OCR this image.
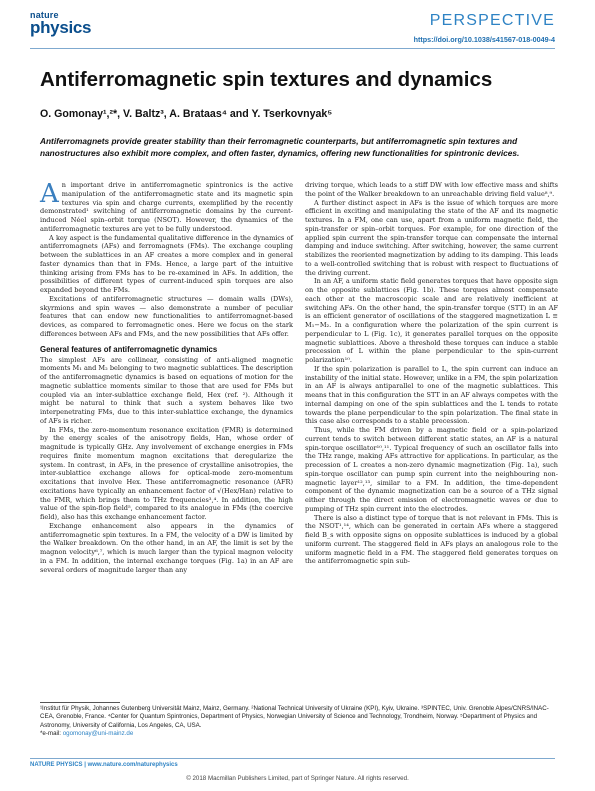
nature
physics	PERSPECTIVE
https://doi.org/10.1038/s41567-018-0049-4
Antiferromagnetic spin textures and dynamics
O. Gomonay¹,²*, V. Baltz³, A. Brataas⁴ and Y. Tserkovnyak⁵
Antiferromagnets provide greater stability than their ferromagnetic counterparts, but antiferromagnetic spin textures and nanostructures also exhibit more complex, and often faster, dynamics, offering new functionalities for spintronic devices.

An important drive in antiferromagnetic spintronics is the active manipulation of the antiferromagnetic state and its magnetic spin textures via spin and charge currents, exemplified by the recently demonstrated¹ switching of antiferromagnetic domains by the current-induced Néel spin–orbit torque (NSOT). However, the dynamics of the antiferromagnetic textures are yet to be fully understood.

A key aspect is the fundamental qualitative difference in the dynamics of antiferromagnets (AFs) and ferromagnets (FMs). The exchange coupling between the sublattices in an AF creates a more complex and in general faster dynamics than that in FMs. Hence, a large part of the intuitive thinking arising from FMs has to be re-examined in AFs. In addition, the possibilities of different types of current-induced spin torques are also expanded beyond the FMs.

Excitations of antiferromagnetic structures — domain walls (DWs), skyrmions and spin waves — also demonstrate a number of peculiar features that can endow new functionalities to antiferromagnet-based devices, as compared to ferromagnetic ones. Here we focus on the stark differences between AFs and FMs, and the new possibilities that AFs offer.

General features of antiferromagnetic dynamics

The simplest AFs are collinear, consisting of anti-aligned magnetic moments M₁ and M₂ belonging to two magnetic sublattices. The description of the antiferromagnetic dynamics is based on equations of motion for the magnetic sublattice moments similar to those that are used for FMs but coupled via an inter-sublattice exchange field, Hex (ref. ²). Although it might be natural to think that such a system behaves like two interpenetrating FMs, due to this inter-sublattice exchange, the dynamics of AFs is richer.

In FMs, the zero-momentum resonance excitation (FMR) is determined by the energy scales of the anisotropy fields, Han, whose order of magnitude is typically GHz. Any involvement of exchange energies in FMs requires finite momentum magnon excitations that deregularize the system. In contrast, in AFs, in the presence of crystalline anisotropies, the inter-sublattice exchange allows for optical-mode zero-momentum excitations that involve Hex. These antiferromagnetic resonance (AFR) excitations have typically an enhancement factor of √(Hex/Han) relative to the FMR, which brings them to THz frequencies³,⁴. In addition, the high value of the spin-flop field⁵, compared to its analogue in FMs (the coercive field), also has this exchange enhancement factor.

Exchange enhancement also appears in the dynamics of antiferromagnetic spin textures. In a FM, the velocity of a DW is limited by the Walker breakdown. On the other hand, in an AF, the limit is set by the magnon velocity⁶,⁷, which is much larger than the typical magnon velocity in a FM. In addition, the internal exchange torques (Fig. 1a) in an AF are several orders of magnitude larger than any

driving torque, which leads to a stiff DW with low effective mass and shifts the point of the Walker breakdown to an unreachable driving field value⁸,⁹.

A further distinct aspect in AFs is the issue of which torques are more efficient in exciting and manipulating the state of the AF and its magnetic textures. In a FM, one can use, apart from a uniform magnetic field, the spin-transfer or spin–orbit torques. For example, for one direction of the applied spin current the spin-transfer torque can compensate the internal damping and induce switching. After switching, however, the same current stabilizes the reoriented magnetization by adding to its damping. This leads to a well-controlled switching that is robust with respect to fluctuations of the driving current.

In an AF, a uniform static field generates torques that have opposite sign on the opposite sublattices (Fig. 1b). These torques almost compensate each other at the macroscopic scale and are relatively inefficient at switching AFs. On the other hand, the spin-transfer torque (STT) in an AF is an efficient generator of oscillations of the staggered magnetization L ≡ M₁−M₂. In a configuration where the polarization of the spin current is perpendicular to L (Fig. 1c), it generates parallel torques on the opposite magnetic sublattices. Above a threshold these torques can induce a stable precession of L within the plane perpendicular to the spin-current polarization¹⁰.

If the spin polarization is parallel to L, the spin current can induce an instability of the initial state. However, unlike in a FM, the spin polarization in an AF is always antiparallel to one of the magnetic sublattices. This means that in this configuration the STT in an AF always competes with the internal damping on one of the spin sublattices and the L tends to rotate towards the plane perpendicular to the spin polarization. The final state in this case also corresponds to a stable precession.

Thus, while the FM driven by a magnetic field or a spin-polarized current tends to switch between different static states, an AF is a natural spin-torque oscillator¹⁰,¹¹. Typical frequency of such an oscillator falls into the THz range, making AFs attractive for applications. In particular, as the precession of L creates a non-zero dynamic magnetization (Fig. 1a), such spin-torque oscillator can pump spin current into the neighbouring non-magnetic layer¹²,¹³, similar to a FM. In addition, the time-dependent component of the dynamic magnetization can be a source of a THz signal either through the direct emission of electromagnetic waves or due to pumping of THz spin current into the electrodes.

There is also a distinct type of torque that is not relevant in FMs. This is the NSOT¹,¹⁴, which can be generated in certain AFs where a staggered field B_s with opposite signs on opposite sublattices is induced by a global uniform current. The staggered field in AFs plays an analogous role to the uniform magnetic field in a FM. The staggered field generates torques on the antiferromagnetic spin sub-

¹Institut für Physik, Johannes Gutenberg Universität Mainz, Mainz, Germany. ²National Technical University of Ukraine (KPI), Kyiv, Ukraine. ³SPINTEC, Univ. Grenoble Alpes/CNRS/INAC-CEA, Grenoble, France. ⁴Center for Quantum Spintronics, Department of Physics, Norwegian University of Science and Technology, Trondheim, Norway. ⁵Department of Physics and Astronomy, University of California, Los Angeles, CA, USA.
*e-mail: ogomonay@uni-mainz.de
NATURE PHYSICS | www.nature.com/naturephysics
© 2018 Macmillan Publishers Limited, part of Springer Nature. All rights reserved.
